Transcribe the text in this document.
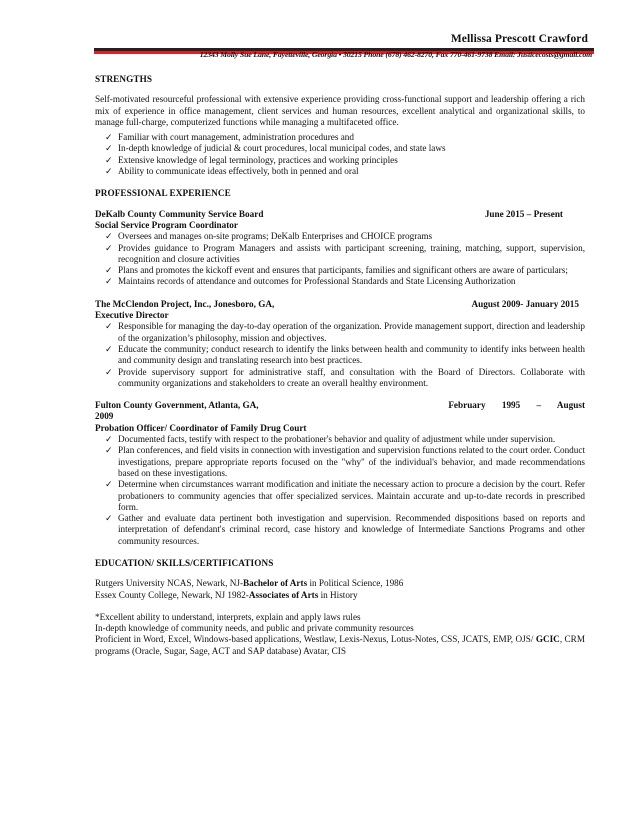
Mellissa Prescott Crawford
12343 Molly Sue Lane, Fayetteville, Georgia • 30215 Phone (678) 462-8270, Fax 770-461-9738 Email: Justicecosts@gmail.com
STRENGTHS

Self-motivated resourceful professional with extensive experience providing cross-functional support and leadership offering a rich mix of experience in office management, client services and human resources, excellent analytical and organizational skills, to manage full-charge, computerized functions while managing a multifaceted office.

✓ Familiar with court management, administration procedures and
✓ In-depth knowledge of judicial & court procedures, local municipal codes, and state laws
✓ Extensive knowledge of legal terminology, practices and working principles
✓ Ability to communicate ideas effectively, both in penned and oral
PROFESSIONAL EXPERIENCE
DeKalb County Community Service Board	June 2015 – Present
Social Service Program Coordinator
✓ Oversees and manages on-site programs; DeKalb Enterprises and CHOICE programs
✓ Provides guidance to Program Managers and assists with participant screening, training, matching, support, supervision, recognition and closure activities
✓ Plans and promotes the kickoff event and ensures that participants, families and significant others are aware of particulars;
✓ Maintains records of attendance and outcomes for Professional Standards and State Licensing Authorization
The McClendon Project, Inc., Jonesboro, GA,	August 2009- January 2015
Executive Director
✓ Responsible for managing the day-to-day operation of the organization. Provide management support, direction and leadership of the organization’s philosophy, mission and objectives.
✓ Educate the community; conduct research to identify the links between health and community to identify inks between health and community design and translating research into best practices.
✓ Provide supervisory support for administrative staff, and consultation with the Board of Directors. Collaborate with community organizations and stakeholders to create an overall healthy environment.
Fulton County Government, Atlanta, GA,	February 1995 – August
2009
Probation Officer/ Coordinator of Family Drug Court
✓ Documented facts, testify with respect to the probationer's behavior and quality of adjustment while under supervision.
✓ Plan conferences, and field visits in connection with investigation and supervision functions related to the court order. Conduct investigations, prepare appropriate reports focused on the "why" of the individual's behavior, and made recommendations based on these investigations.
✓ Determine when circumstances warrant modification and initiate the necessary action to procure a decision by the court. Refer probationers to community agencies that offer specialized services. Maintain accurate and up-to-date records in prescribed form.
✓ Gather and evaluate data pertinent both investigation and supervision. Recommended dispositions based on reports and interpretation of defendant's criminal record, case history and knowledge of Intermediate Sanctions Programs and other community resources.
EDUCATION/ SKILLS/CERTIFICATIONS
Rutgers University NCAS, Newark, NJ-Bachelor of Arts in Political Science, 1986
Essex County College, Newark, NJ 1982-Associates of Arts in History
*Excellent ability to understand, interprets, explain and apply laws rules
In-depth knowledge of community needs, and public and private community resources

Proficient in Word, Excel, Windows-based applications, Westlaw, Lexis-Nexus, Lotus-Notes, CSS, JCATS, EMP, OJS/ GCIC, CRM programs (Oracle, Sugar, Sage, ACT and SAP database) Avatar, CIS
